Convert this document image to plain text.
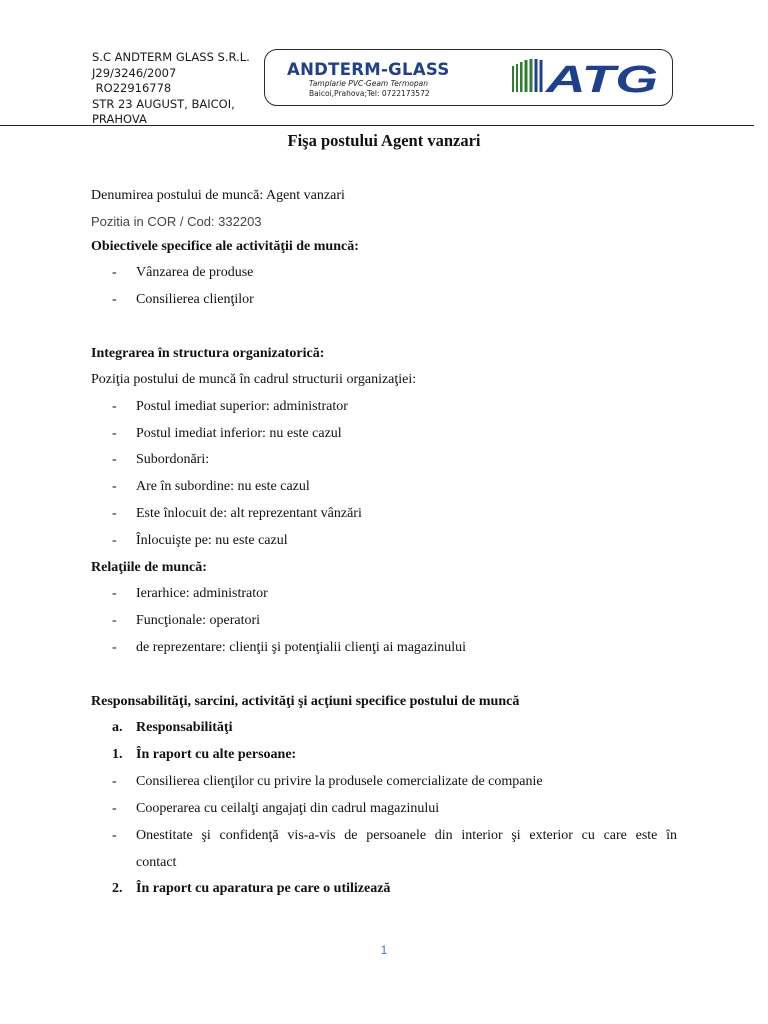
S.C ANDTERM GLASS S.R.L.
J29/3246/2007
RO22916778
STR 23 AUGUST, BAICOI,
PRAHOVA
ANDTERM-GLASS
Tamplarie PVC-Geam Termopan
Baicoi,Prahova;Tel: 0722173572	ATG
Fişa postului Agent vanzari
Denumirea postului de muncă: Agent vanzari
Pozitia in COR / Cod: 332203
Obiectivele specifice ale activităţii de muncă:
- Vânzarea de produse
- Consilierea clienţilor
Integrarea în structura organizatorică:
Poziţia postului de muncă în cadrul structurii organizaţiei:
- Postul imediat superior: administrator
- Postul imediat inferior: nu este cazul
- Subordonări:
- Are în subordine: nu este cazul
- Este înlocuit de: alt reprezentant vânzări
- Înlocuişte pe: nu este cazul
Relaţiile de muncă:
- Ierarhice: administrator
- Funcţionale: operatori
- de reprezentare: clienţii şi potenţialii clienţi ai magazinului
Responsabilităţi, sarcini, activităţi şi acţiuni specifice postului de muncă
a. Responsabilităţi
1. În raport cu alte persoane:
- Consilierea clienţilor cu privire la produsele comercializate de companie
- Cooperarea cu ceilalţi angajaţi din cadrul magazinului
- Onestitate şi confidenţă vis-a-vis de persoanele din interior şi exterior cu care este în
contact
2. În raport cu aparatura pe care o utilizează
1
